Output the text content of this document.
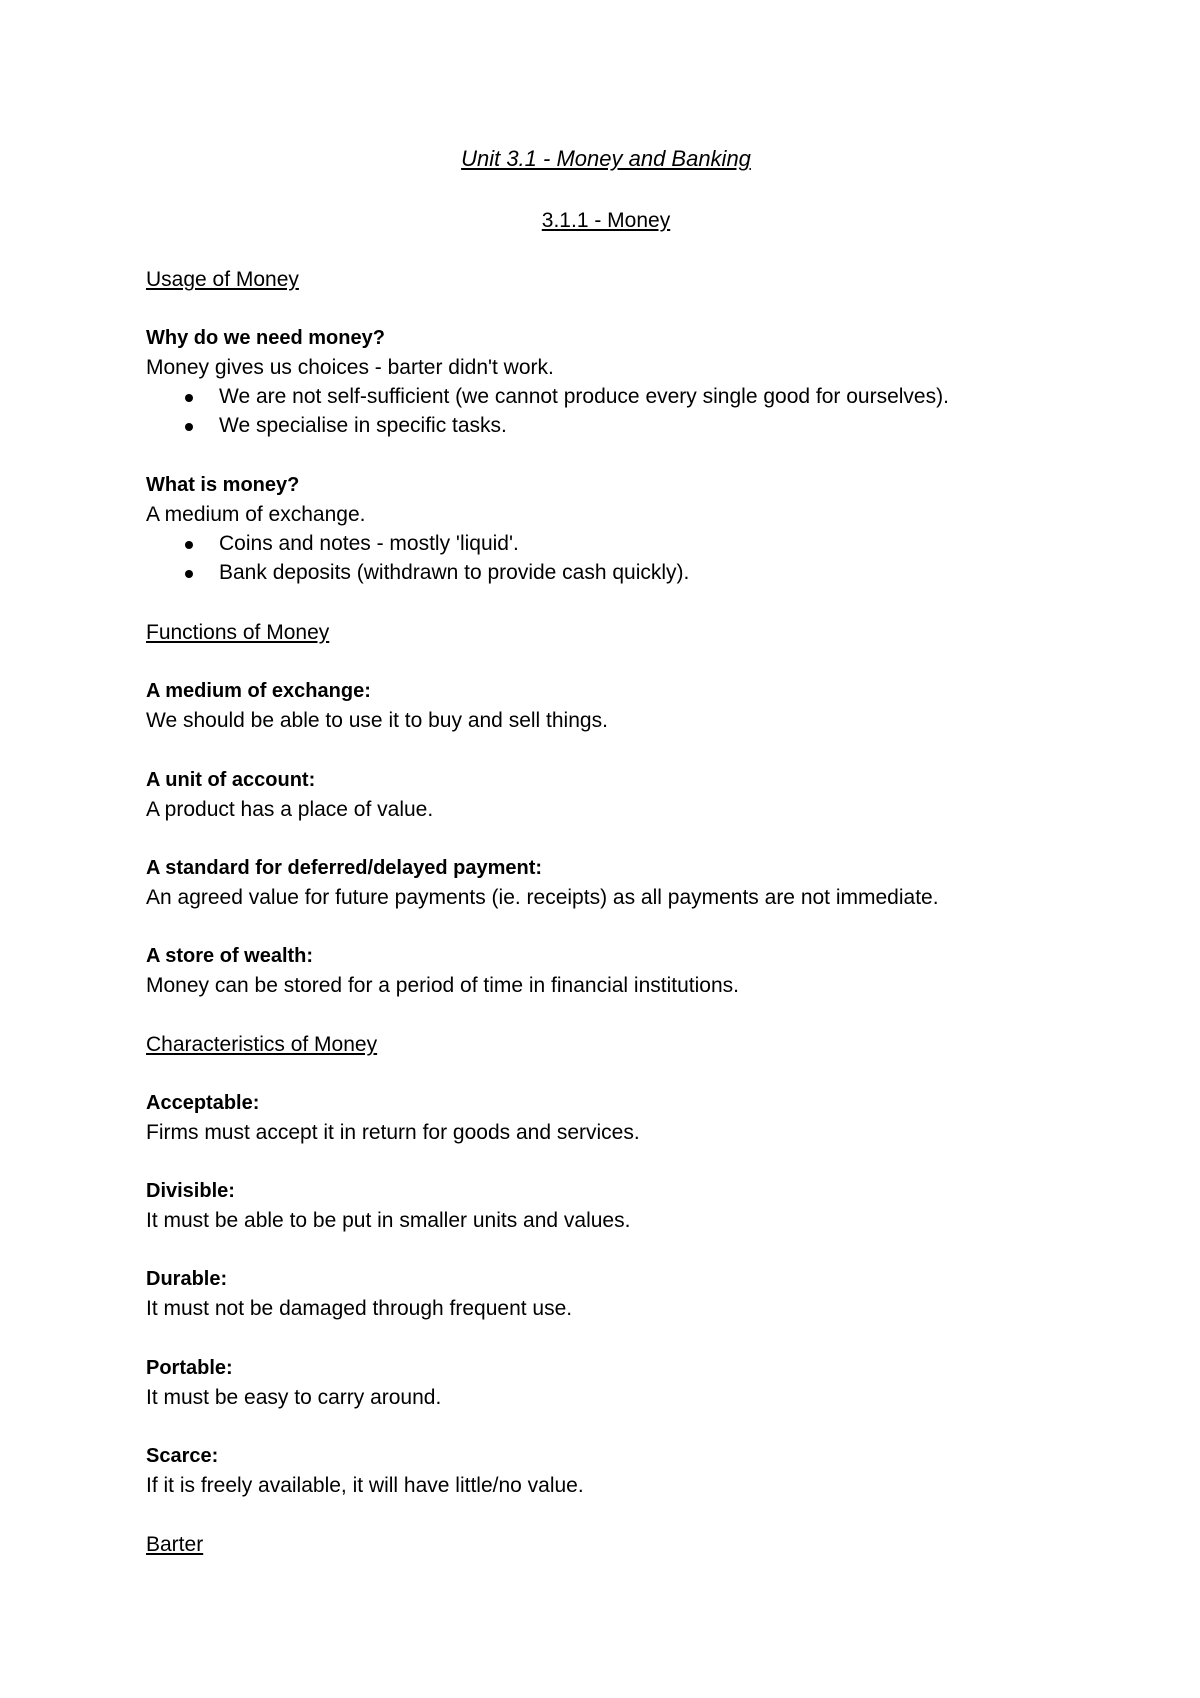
Unit 3.1 - Money and Banking
3.1.1 - Money
Usage of Money

Why do we need money?

Money gives us choices - barter didn't work.

We are not self-sufficient (we cannot produce every single good for ourselves).
We specialise in specific tasks.

What is money?

A medium of exchange.

Coins and notes - mostly 'liquid'.
Bank deposits (withdrawn to provide cash quickly).
Functions of Money

A medium of exchange:

We should be able to use it to buy and sell things.

A unit of account:

A product has a place of value.

A standard for deferred/delayed payment:

An agreed value for future payments (ie. receipts) as all payments are not immediate.

A store of wealth:

Money can be stored for a period of time in financial institutions.

Characteristics of Money

Acceptable:

Firms must accept it in return for goods and services.

Divisible:

It must be able to be put in smaller units and values.

Durable:

It must not be damaged through frequent use.

Portable:

It must be easy to carry around.

Scarce:

If it is freely available, it will have little/no value.

Barter
